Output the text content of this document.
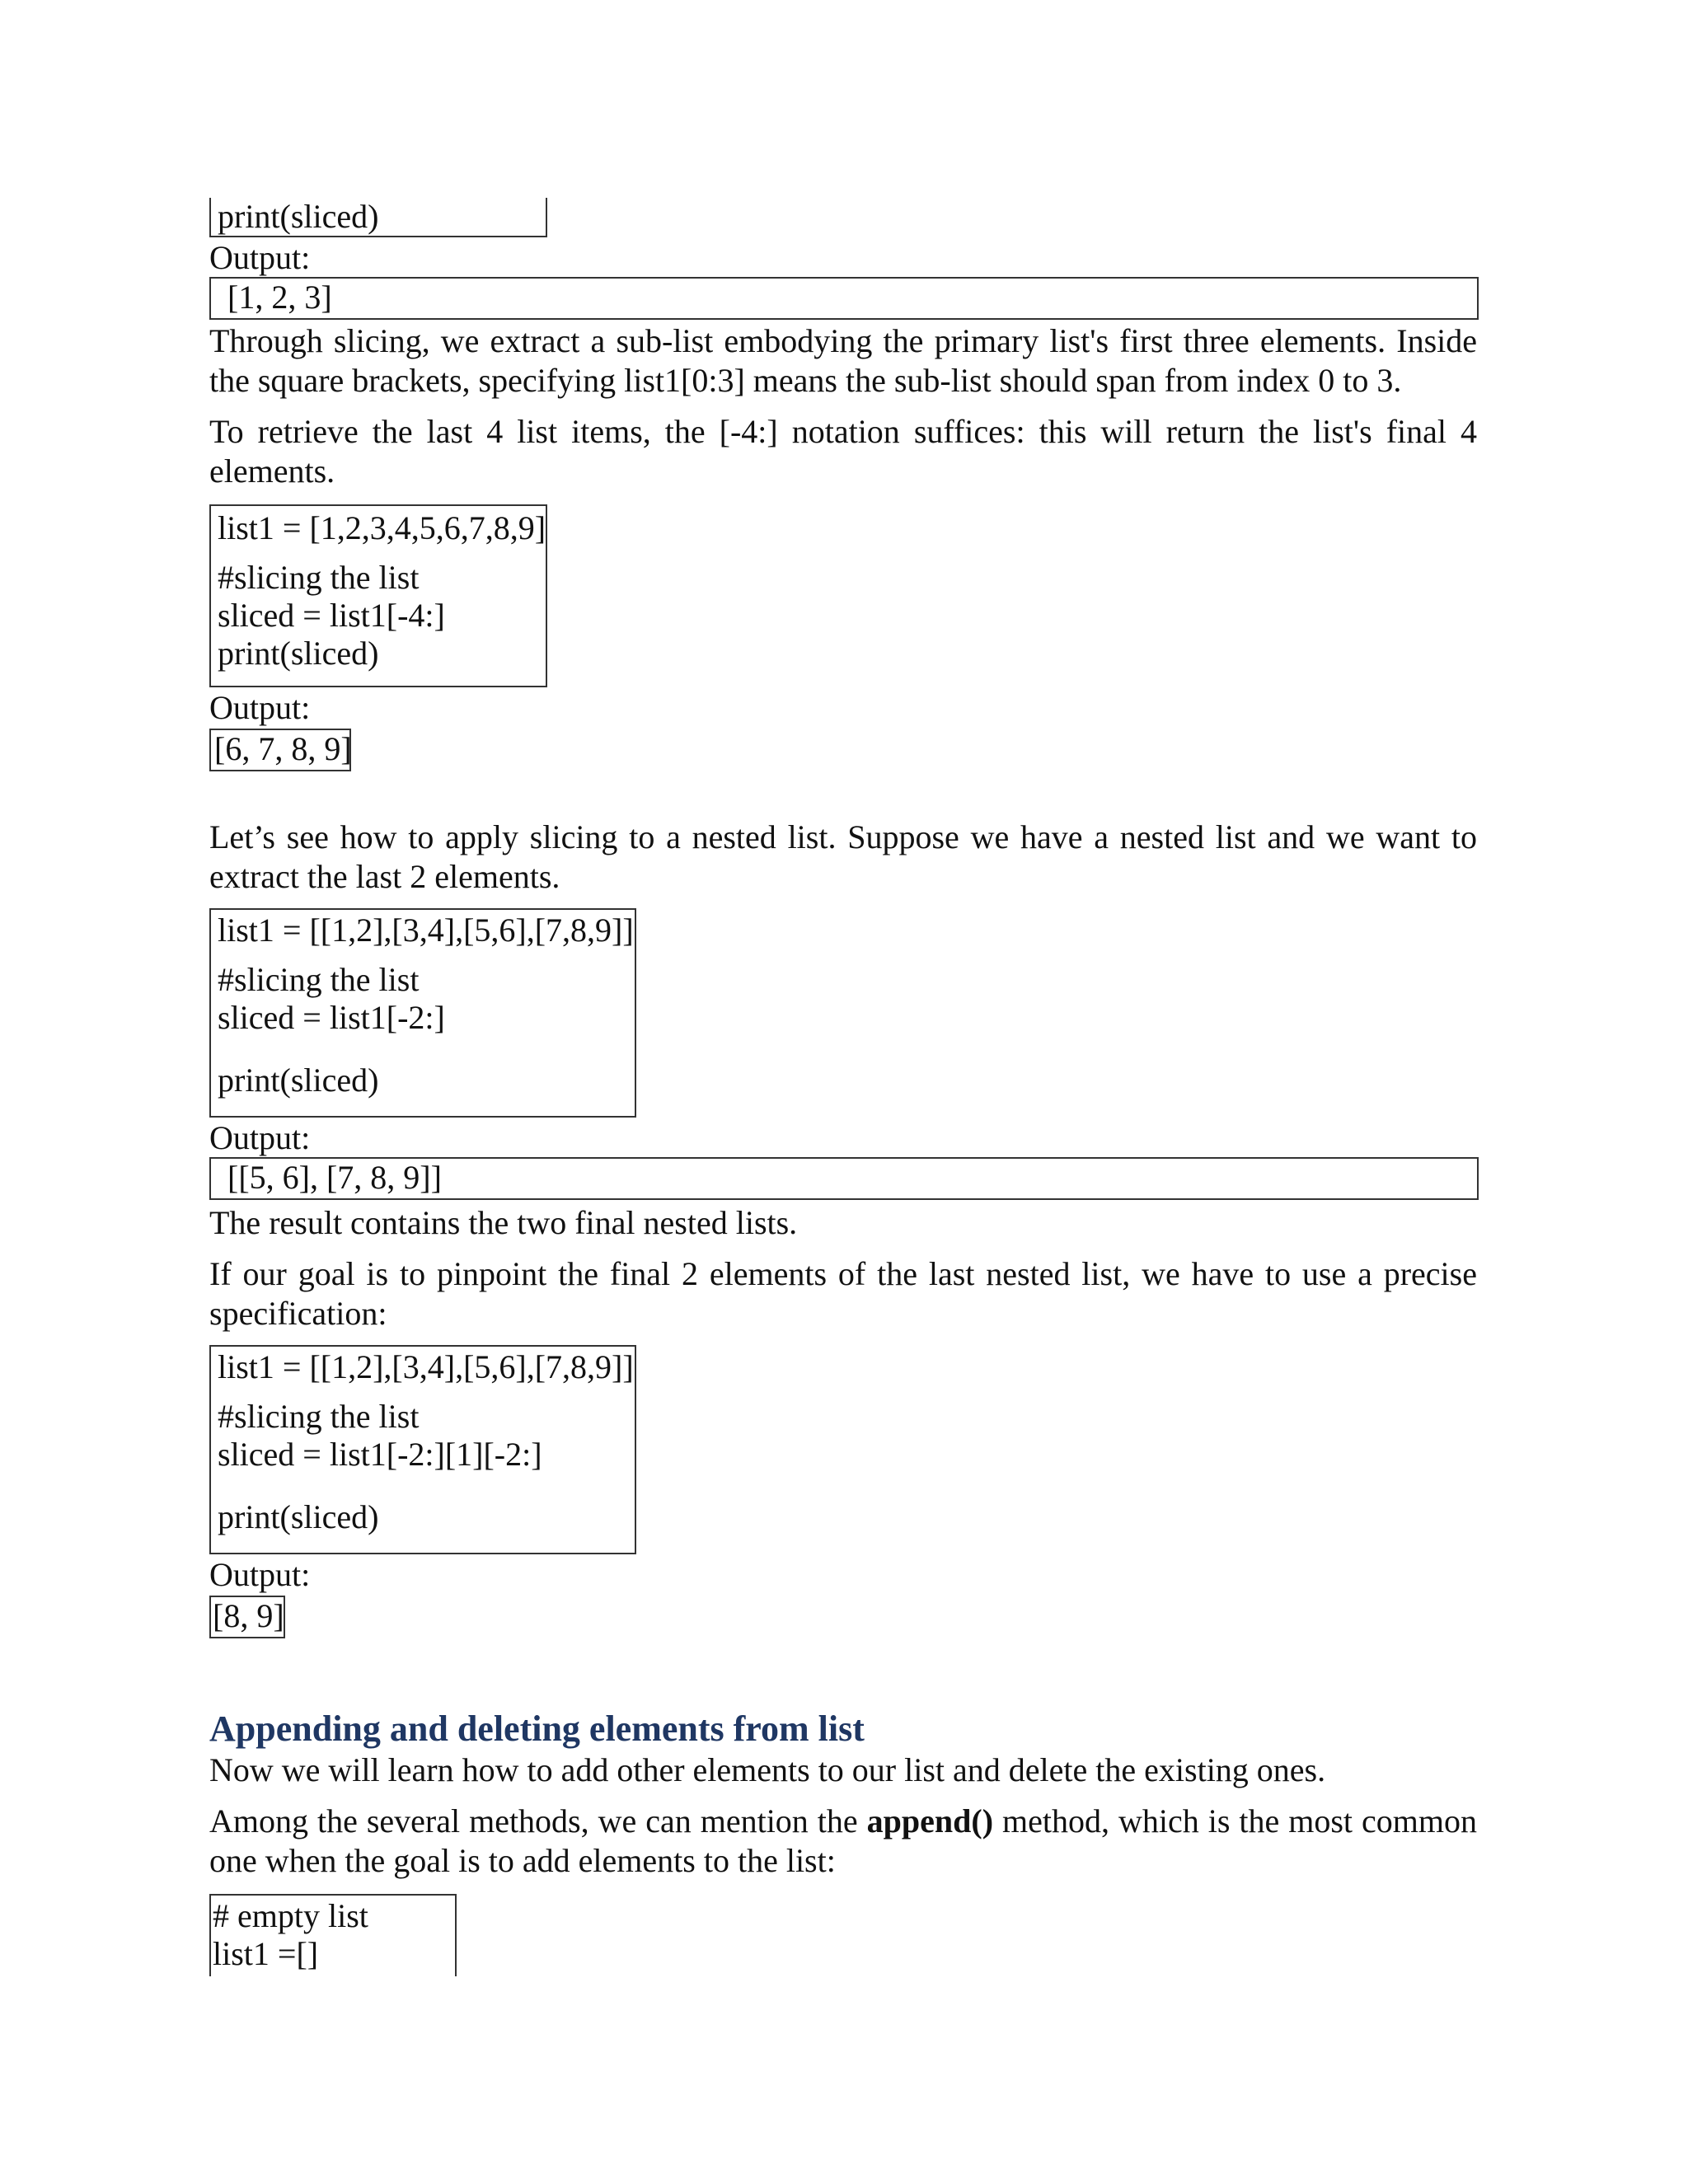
print(sliced)
Output:
[1, 2, 3]
Through slicing, we extract a sub-list embodying the primary list's first three elements. Inside the square brackets, specifying list1[0:3] means the sub-list should span from index 0 to 3.
To retrieve the last 4 list items, the [-4:] notation suffices: this will return the list's final 4 elements.
list1 = [1,2,3,4,5,6,7,8,9]
#slicing the list
sliced = list1[-4:]
print(sliced)
Output:
[6, 7, 8, 9]
Let’s see how to apply slicing to a nested list. Suppose we have a nested list and we want to extract the last 2 elements.
list1 = [[1,2],[3,4],[5,6],[7,8,9]]
#slicing the list
sliced = list1[-2:]
print(sliced)
Output:
[[5, 6], [7, 8, 9]]
The result contains the two final nested lists.
If our goal is to pinpoint the final 2 elements of the last nested list, we have to use a precise specification:
list1 = [[1,2],[3,4],[5,6],[7,8,9]]
#slicing the list
sliced = list1[-2:][1][-2:]
print(sliced)
Output:
[8, 9]
Appending and deleting elements from list
Now we will learn how to add other elements to our list and delete the existing ones.
Among the several methods, we can mention the append() method, which is the most common one when the goal is to add elements to the list:
# empty list
list1 =[]
